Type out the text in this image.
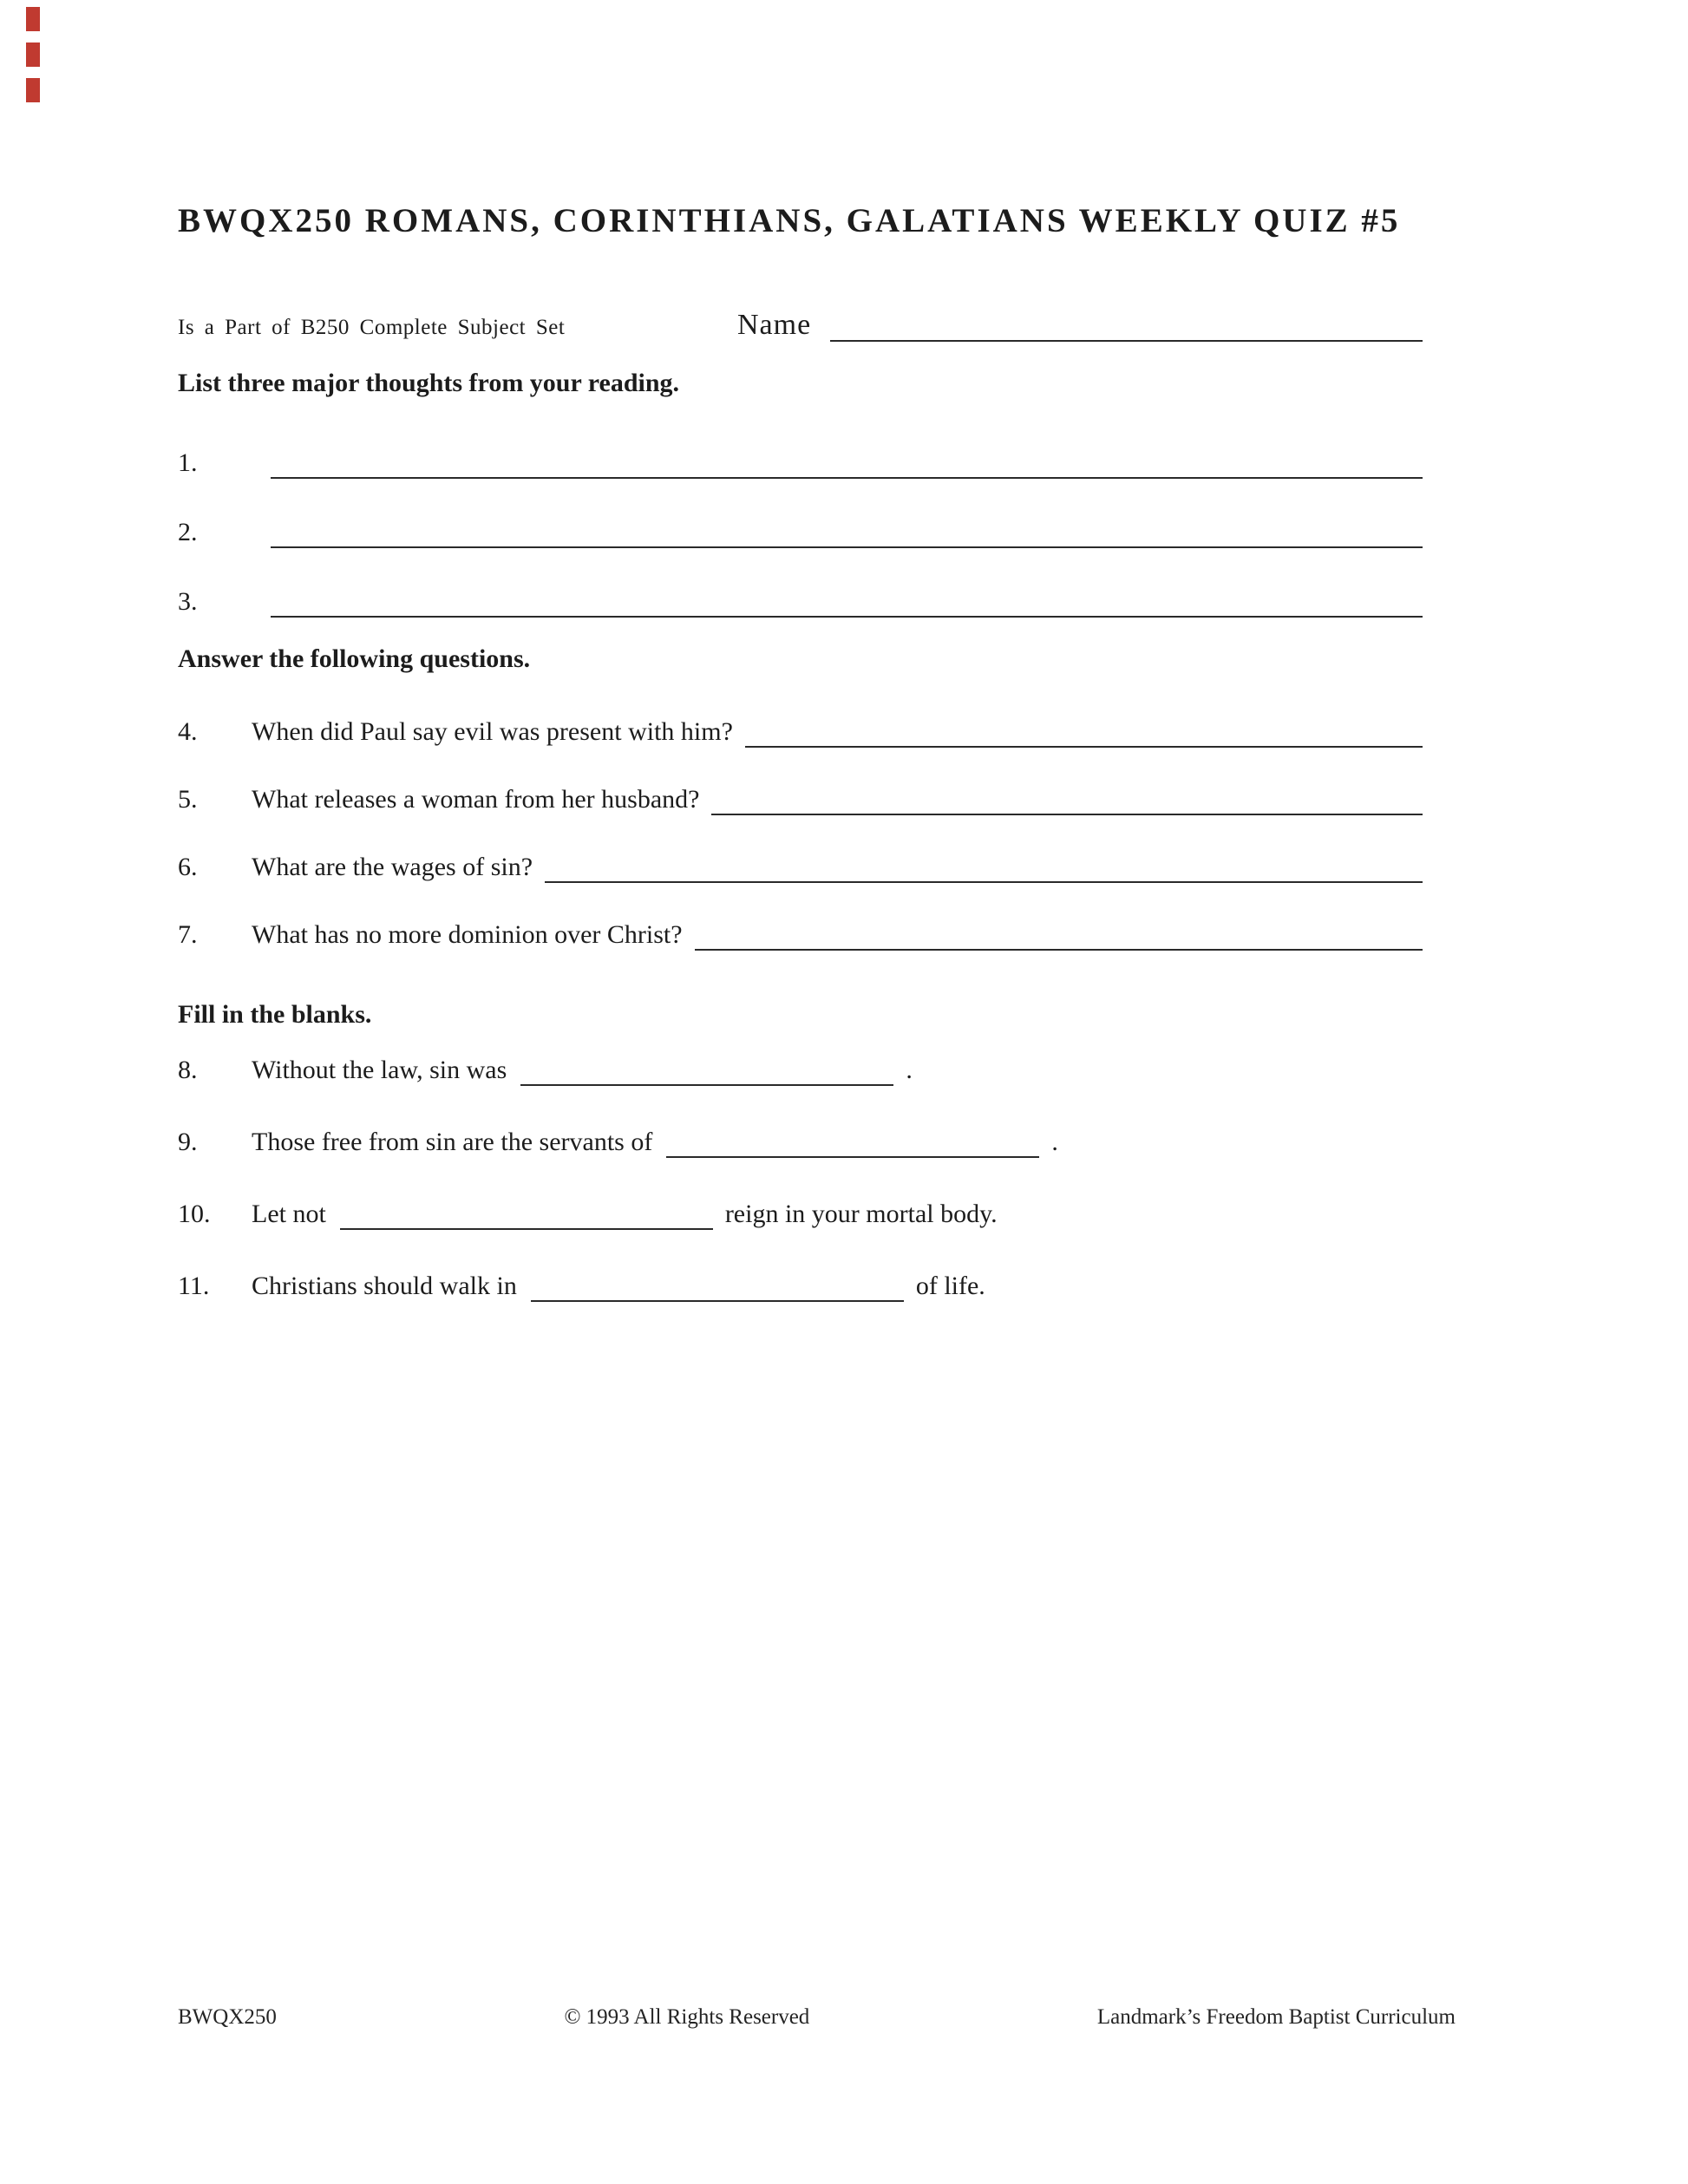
BWQX250 ROMANS, CORINTHIANS, GALATIANS WEEKLY QUIZ #5
Is a Part of B250 Complete Subject Set	Name
List three major thoughts from your reading.
1.
2.
3.
Answer the following questions.
4.	When did Paul say evil was present with him?
5.	What releases a woman from her husband?
6.	What are the wages of sin?
7.	What has no more dominion over Christ?
Fill in the blanks.
8.	Without the law, sin was	.
9.	Those free from sin are the servants of	.
10.	Let not	reign in your mortal body.
11.	Christians should walk in	of life.
BWQX250	© 1993 All Rights Reserved	Landmark’s Freedom Baptist Curriculum
